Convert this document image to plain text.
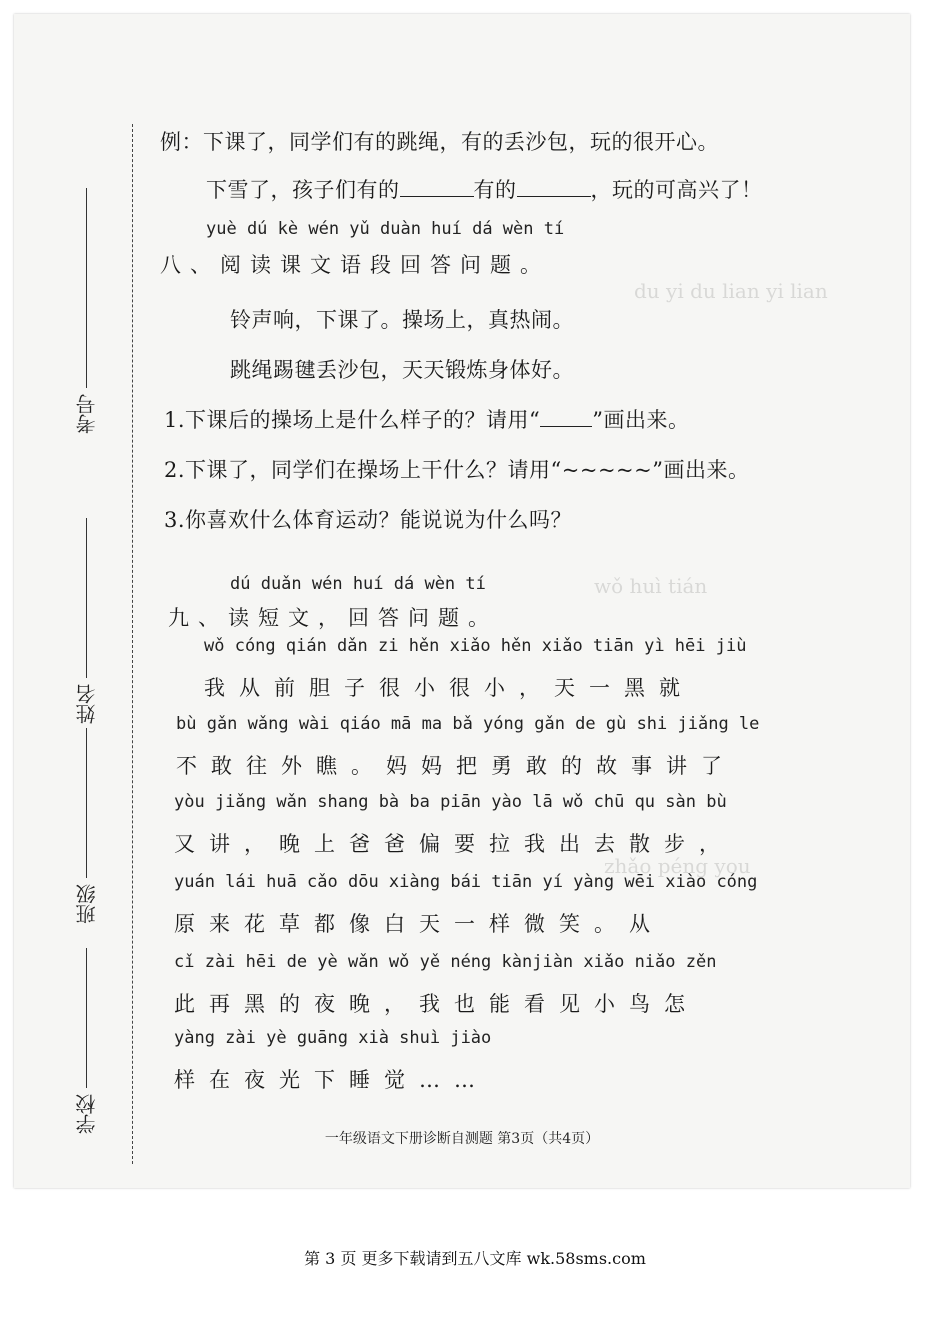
du yi du lian yi lian
wǒ huì tián
zhǎo péng you
考号
姓名
班级
学校
例：下课了，同学们有的跳绳，有的丢沙包，玩的很开心。
下雪了，孩子们有的	有的	，玩的可高兴了！
yuè dú kè wén yǔ duàn huí dá wèn tí
八、阅读课文语段回答问题。
铃声响，下课了。操场上，真热闹。
跳绳踢毽丢沙包，天天锻炼身体好。
1.下课后的操场上是什么样子的？请用“ ”画出来。
2.下课了，同学们在操场上干什么？请用“~~~~~”画出来。
3.你喜欢什么体育运动？能说说为什么吗？
dú duǎn wén huí dá wèn tí
九、读短文，回答问题。
wǒ cóng qián dǎn zi hěn xiǎo hěn xiǎo tiān yì hēi jiù
我从前胆子很小很小，天一黑就
bù gǎn wǎng wài qiáo mā ma bǎ yóng gǎn de gù shi jiǎng le
不敢往外瞧。妈妈把勇敢的故事讲了
yòu jiǎng wǎn shang bà ba piān yào lā wǒ chū qu sàn bù
又讲，晚上爸爸偏要拉我出去散步，
yuán lái huā cǎo dōu xiàng bái tiān yí yàng wēi xiào cóng
原来花草都像白天一样微笑。从
cǐ zài hēi de yè wǎn wǒ yě néng kànjiàn xiǎo niǎo zěn
此再黑的夜晚，我也能看见小鸟怎
yàng zài yè guāng xià shuì jiào
样在夜光下睡觉……
一年级语文下册诊断自测题 第3页（共4页）
第 3 页 更多下载请到五八文库 wk.58sms.com
